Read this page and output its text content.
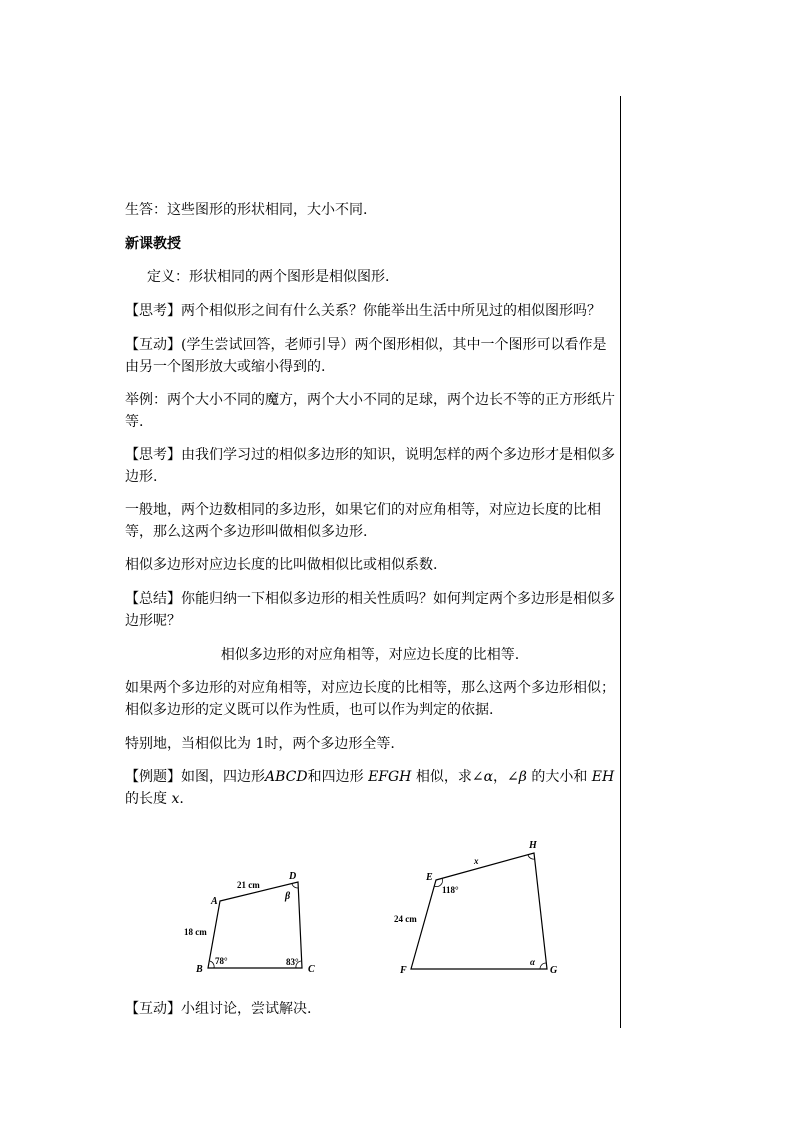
生答：这些图形的形状相同，大小不同.

新课教授

定义：形状相同的两个图形是相似图形.

【思考】两个相似形之间有什么关系？你能举出生活中所见过的相似图形吗？

【互动】(学生尝试回答，老师引导）两个图形相似，其中一个图形可以看作是由另一个图形放大或缩小得到的.

举例：两个大小不同的魔方，两个大小不同的足球，两个边长不等的正方形纸片等.

【思考】由我们学习过的相似多边形的知识，说明怎样的两个多边形才是相似多边形.

一般地，两个边数相同的多边形，如果它们的对应角相等，对应边长度的比相等，那么这两个多边形叫做相似多边形.

相似多边形对应边长度的比叫做相似比或相似系数.

【总结】你能归纳一下相似多边形的相关性质吗？如何判定两个多边形是相似多边形呢？

相似多边形的对应角相等，对应边长度的比相等.

如果两个多边形的对应角相等，对应边长度的比相等，那么这两个多边形相似；相似多边形的定义既可以作为性质，也可以作为判定的依据.

特别地，当相似比为 1时，两个多边形全等.

【例题】如图，四边形ABCD和四边形 EFGH 相似，求∠α，∠β 的大小和 EH 的长度 x.

A
B	C
D
21 cm
18 cm
78°	83°
β
E
F	G
H
x
24 cm
118°
α

【互动】小组讨论，尝试解决.
